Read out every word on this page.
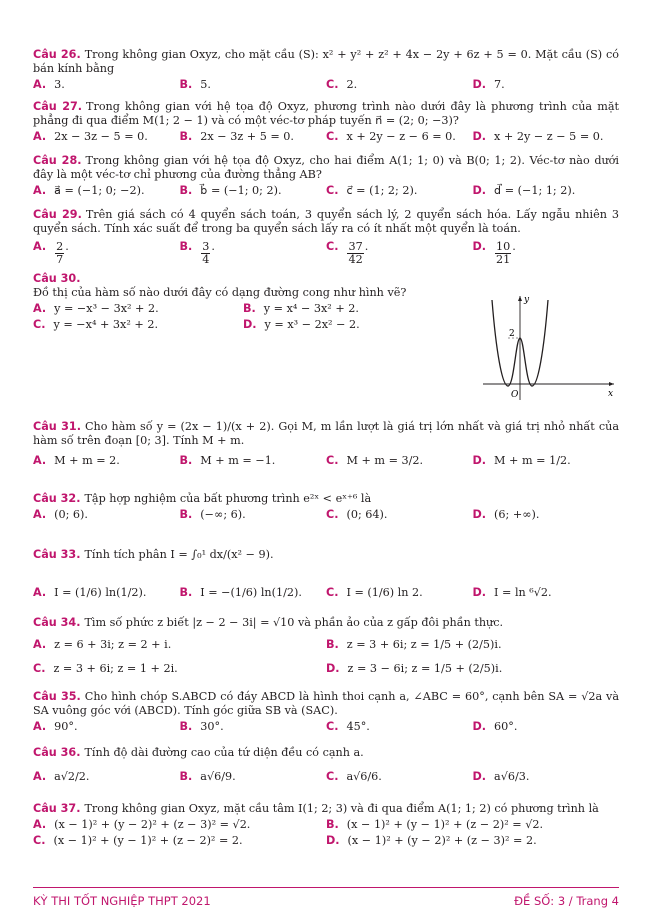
Câu 26. Trong không gian Oxyz, cho mặt cầu (S): x² + y² + z² + 4x − 2y + 6z + 5 = 0. Mặt cầu (S) có bán kính bằng

A. 3.	B. 5.	C. 2.	D. 7.

Câu 27. Trong không gian với hệ tọa độ Oxyz, phương trình nào dưới đây là phương trình của mặt phẳng đi qua điểm M(1; 2 − 1) và có một véc-tơ pháp tuyến n⃗ = (2; 0; −3)?

A. 2x − 3z − 5 = 0.	B. 2x − 3z + 5 = 0.	C. x + 2y − z − 6 = 0. D. x + 2y − z − 5 = 0.

Câu 28. Trong không gian với hệ tọa độ Oxyz, cho hai điểm A(1; 1; 0) và B(0; 1; 2). Véc-tơ nào dưới đây là một véc-tơ chỉ phương của đường thẳng AB?

A. a⃗ = (−1; 0; −2).	B. b⃗ = (−1; 0; 2).	C. c⃗ = (1; 2; 2).	D. d⃗ = (−1; 1; 2).

Câu 29. Trên giá sách có 4 quyển sách toán, 3 quyển sách lý, 2 quyển sách hóa. Lấy ngẫu nhiên 3 quyển sách. Tính xác suất để trong ba quyển sách lấy ra có ít nhất một quyển là toán.

A. $\frac{2}{7}$ .	B. $\frac{3}{4}$ .	C. $\frac{37}{42}$ .	D. $\frac{10}{21}$ .

Câu 30.

Đồ thị của hàm số nào dưới đây có dạng đường cong như hình vẽ?

A. y = −x³ − 3x² + 2.	B. y = x⁴ − 3x² + 2.
C. y = −x⁴ + 3x² + 2.	D. y = x³ − 2x² − 2.
y
x
O
2

Câu 31. Cho hàm số y = (2x − 1)/(x + 2). Gọi M, m lần lượt là giá trị lớn nhất và giá trị nhỏ nhất của hàm số trên đoạn [0; 3]. Tính M + m.

A. M + m = 2.	B. M + m = −1.	C. M + m = 3/2.	D. M + m = 1/2.

Câu 32. Tập hợp nghiệm của bất phương trình e²ˣ < eˣ⁺⁶ là

A. (0; 6).	B. (−∞; 6).	C. (0; 64).	D. (6; +∞).

Câu 33. Tính tích phân I = ∫₀¹ dx/(x² − 9).

A. I = (1/6) ln(1/2).	B. I = −(1/6) ln(1/2). C. I = (1/6) ln 2.	D. I = ln ⁶√2.

Câu 34. Tìm số phức z biết |z − 2 − 3i| = √10 và phần ảo của z gấp đôi phần thực.

A. z = 6 + 3i; z = 2 + i.	B. z = 3 + 6i; z = 1/5 + (2/5)i.
C. z = 3 + 6i; z = 1 + 2i.	D. z = 3 − 6i; z = 1/5 + (2/5)i.

Câu 35. Cho hình chóp S.ABCD có đáy ABCD là hình thoi cạnh a, ∠ABC = 60°, cạnh bên SA = √2a và SA vuông góc với (ABCD). Tính góc giữa SB và (SAC).

A. 90°.	B. 30°.	C. 45°.	D. 60°.

Câu 36. Tính độ dài đường cao của tứ diện đều có cạnh a.

A. a√2/2.	B. a√6/9.	C. a√6/6.	D. a√6/3.

Câu 37. Trong không gian Oxyz, mặt cầu tâm I(1; 2; 3) và đi qua điểm A(1; 1; 2) có phương trình là

A. (x − 1)² + (y − 2)² + (z − 3)² = √2.	B. (x − 1)² + (y − 1)² + (z − 2)² = √2.
C. (x − 1)² + (y − 1)² + (z − 2)² = 2.	D. (x − 1)² + (y − 2)² + (z − 3)² = 2.
KỲ THI TỐT NGHIỆP THPT 2021	ĐỀ SỐ: 3 / Trang 4
